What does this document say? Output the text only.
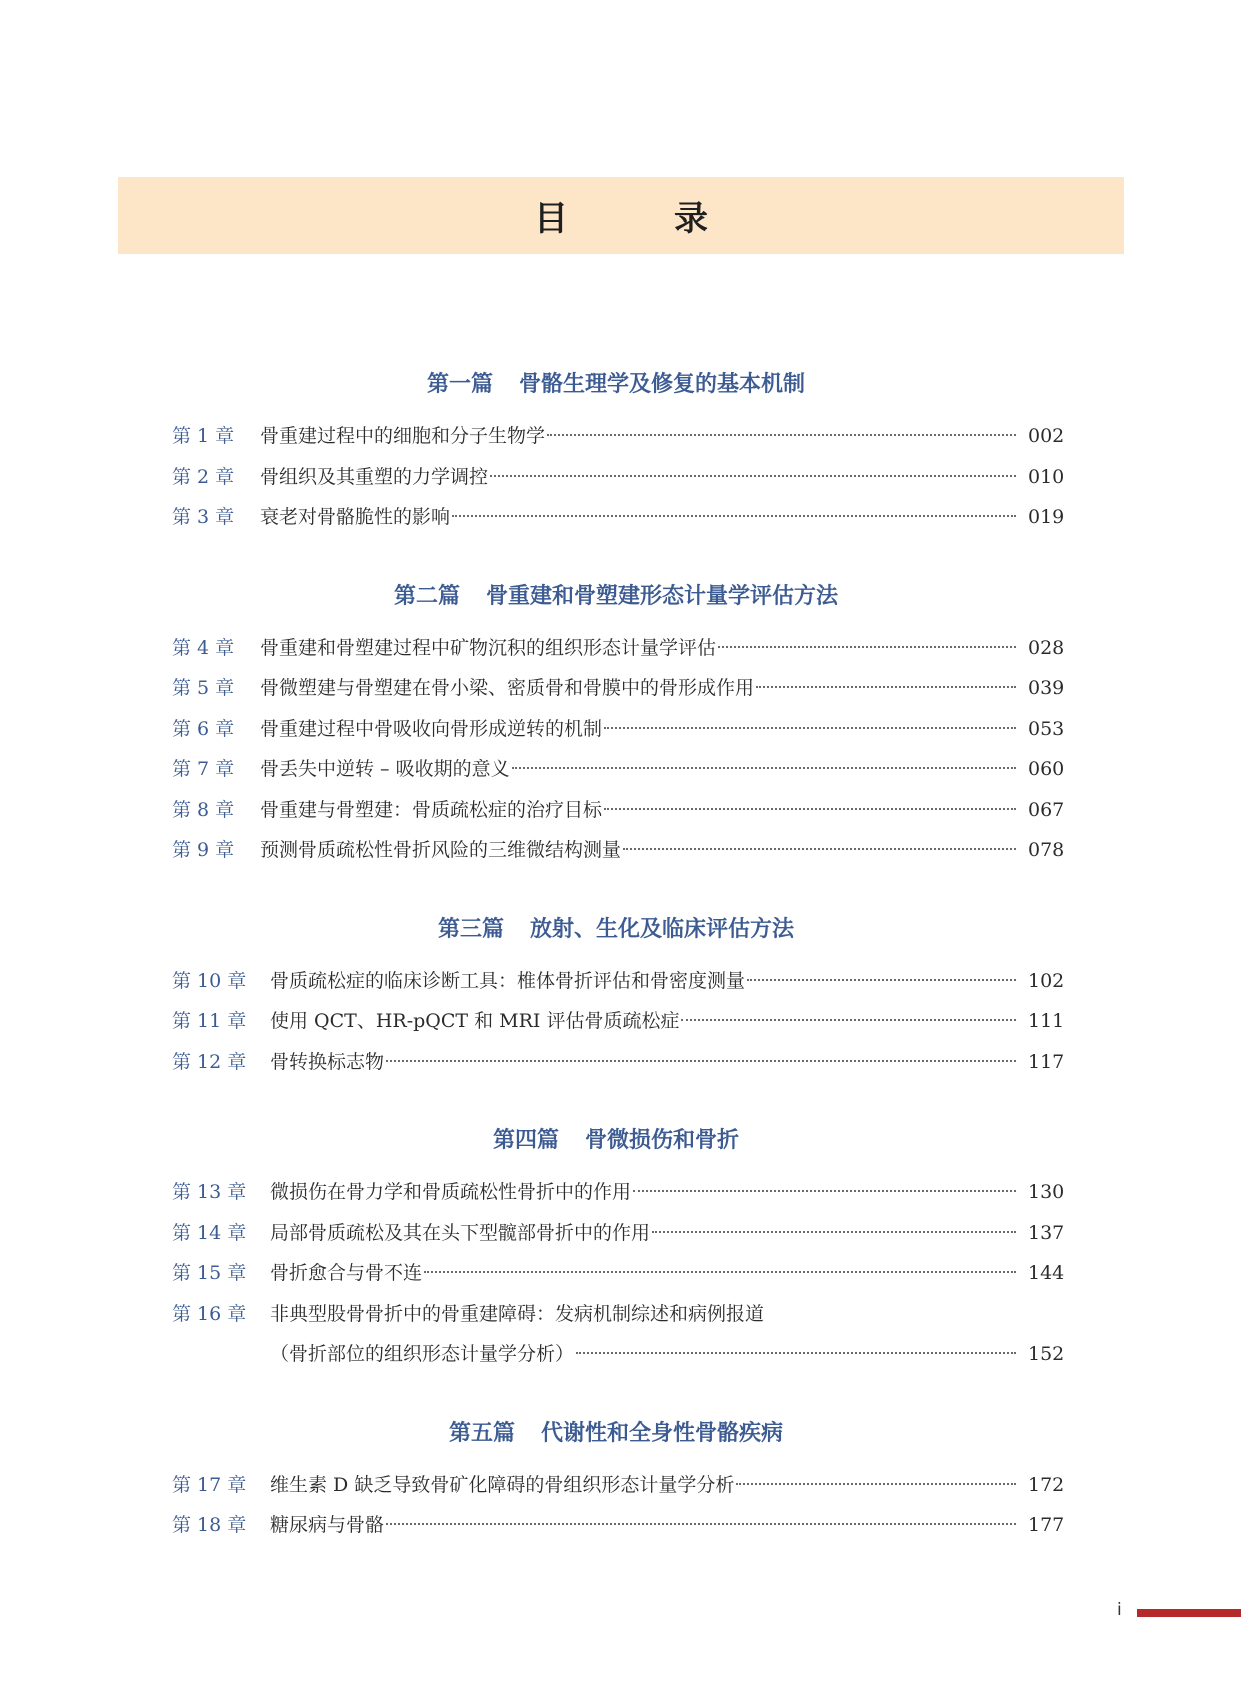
目　录
第一篇 骨骼生理学及修复的基本机制
第 1 章	骨重建过程中的细胞和分子生物学	002
第 2 章	骨组织及其重塑的力学调控	010
第 3 章	衰老对骨骼脆性的影响	019
第二篇 骨重建和骨塑建形态计量学评估方法
第 4 章	骨重建和骨塑建过程中矿物沉积的组织形态计量学评估	028
第 5 章	骨微塑建与骨塑建在骨小梁、密质骨和骨膜中的骨形成作用	039
第 6 章	骨重建过程中骨吸收向骨形成逆转的机制	053
第 7 章	骨丢失中逆转 – 吸收期的意义	060
第 8 章	骨重建与骨塑建：骨质疏松症的治疗目标	067
第 9 章	预测骨质疏松性骨折风险的三维微结构测量	078
第三篇 放射、生化及临床评估方法
第 10 章	骨质疏松症的临床诊断工具：椎体骨折评估和骨密度测量	102
第 11 章	使用 QCT、HR-pQCT 和 MRI 评估骨质疏松症	111
第 12 章	骨转换标志物	117
第四篇 骨微损伤和骨折
第 13 章	微损伤在骨力学和骨质疏松性骨折中的作用	130
第 14 章	局部骨质疏松及其在头下型髋部骨折中的作用	137
第 15 章	骨折愈合与骨不连	144
第 16 章	非典型股骨骨折中的骨重建障碍：发病机制综述和病例报道
（骨折部位的组织形态计量学分析）	152
第五篇 代谢性和全身性骨骼疾病
第 17 章	维生素 D 缺乏导致骨矿化障碍的骨组织形态计量学分析	172
第 18 章	糖尿病与骨骼	177
i
